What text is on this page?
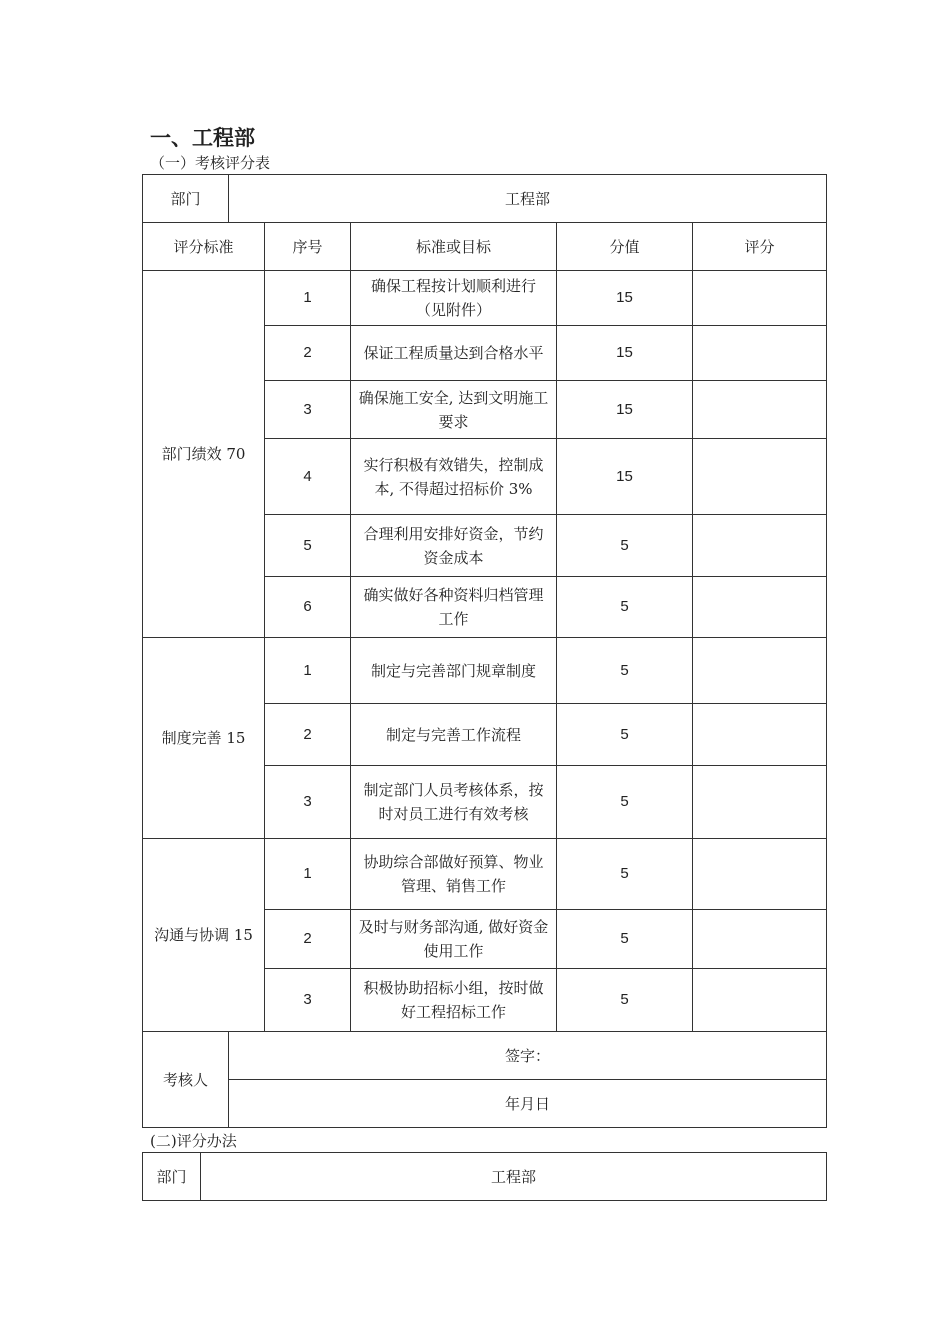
一、工程部
（一）考核评分表
部门	工程部				
评分标准		序号	标准或目标	分值	评分
部门绩效 70		1	确保工程按计划顺利进行（见附件）	15	
		2	保证工程质量达到合格水平	15	
		3	确保施工安全, 达到文明施工要求	15	
		4	实行积极有效错失，控制成本, 不得超过招标价 3%	15	
		5	合理利用安排好资金，节约资金成本	5	
		6	确实做好各种资料归档管理工作	5	
制度完善 15		1	制定与完善部门规章制度	5	
		2	制定与完善工作流程	5	
		3	制定部门人员考核体系，按时对员工进行有效考核	5	
沟通与协调 15		1	协助综合部做好预算、物业管理、销售工作	5	
		2	及时与财务部沟通, 做好资金使用工作	5	
		3	积极协助招标小组，按时做好工程招标工作	5	
考核人	签字：				
	年月日				
(二)评分办法
部门	工程部
